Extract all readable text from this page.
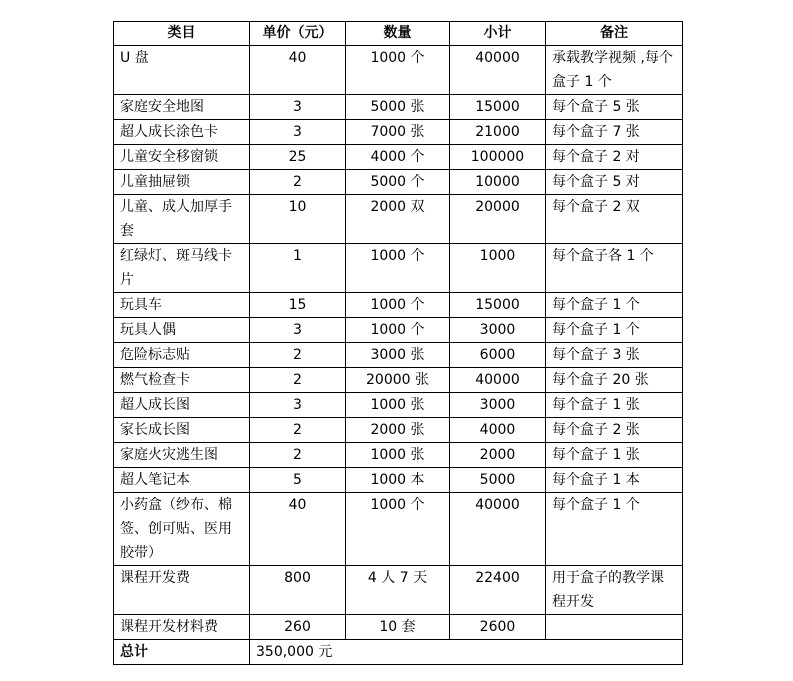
类目	单价（元）	数量	小计	备注
U 盘	40	1000 个	40000	承载教学视频 ,每个盒子 1 个
家庭安全地图	3	5000 张	15000	每个盒子 5 张
超人成长涂色卡	3	7000 张	21000	每个盒子 7 张
儿童安全移窗锁	25	4000 个	100000	每个盒子 2 对
儿童抽屉锁	2	5000 个	10000	每个盒子 5 对
儿童、成人加厚手套	10	2000 双	20000	每个盒子 2 双
红绿灯、斑马线卡片	1	1000 个	1000	每个盒子各 1 个
玩具车	15	1000 个	15000	每个盒子 1 个
玩具人偶	3	1000 个	3000	每个盒子 1 个
危险标志贴	2	3000 张	6000	每个盒子 3 张
燃气检查卡	2	20000 张	40000	每个盒子 20 张
超人成长图	3	1000 张	3000	每个盒子 1 张
家长成长图	2	2000 张	4000	每个盒子 2 张
家庭火灾逃生图	2	1000 张	2000	每个盒子 1 张
超人笔记本	5	1000 本	5000	每个盒子 1 本
小药盒（纱布、棉签、创可贴、医用胶带）	40	1000 个	40000	每个盒子 1 个
课程开发费	800	4 人 7 天	22400	用于盒子的教学课程开发
课程开发材料费	260	10 套	2600	
总计	350,000 元			
